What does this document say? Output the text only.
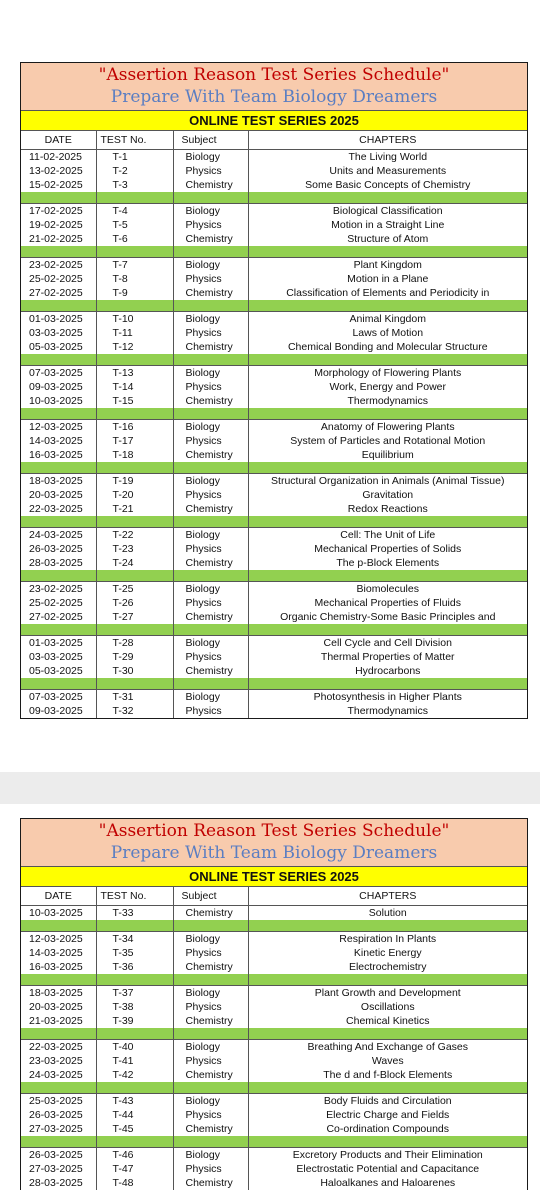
"Assertion Reason Test Series Schedule"
Prepare With Team Biology Dreamers
ONLINE TEST SERIES 2025
DATE	TEST No.	Subject	CHAPTERS
11-02-2025	T-1	Biology	The Living World
13-02-2025	T-2	Physics	Units and Measurements
15-02-2025	T-3	Chemistry	Some Basic Concepts of Chemistry

17-02-2025	T-4	Biology	Biological Classification
19-02-2025	T-5	Physics	Motion in a Straight Line
21-02-2025	T-6	Chemistry	Structure of Atom

23-02-2025	T-7	Biology	Plant Kingdom
25-02-2025	T-8	Physics	Motion in a Plane
27-02-2025	T-9	Chemistry	Classification of Elements and Periodicity in

01-03-2025	T-10	Biology	Animal Kingdom
03-03-2025	T-11	Physics	Laws of Motion
05-03-2025	T-12	Chemistry	Chemical Bonding and Molecular Structure

07-03-2025	T-13	Biology	Morphology of Flowering Plants
09-03-2025	T-14	Physics	Work, Energy and Power
10-03-2025	T-15	Chemistry	Thermodynamics

12-03-2025	T-16	Biology	Anatomy of Flowering Plants
14-03-2025	T-17	Physics	System of Particles and Rotational Motion
16-03-2025	T-18	Chemistry	Equilibrium

18-03-2025	T-19	Biology	Structural Organization in Animals (Animal Tissue)
20-03-2025	T-20	Physics	Gravitation
22-03-2025	T-21	Chemistry	Redox Reactions

24-03-2025	T-22	Biology	Cell: The Unit of Life
26-03-2025	T-23	Physics	Mechanical Properties of Solids
28-03-2025	T-24	Chemistry	The p-Block Elements

23-02-2025	T-25	Biology	Biomolecules
25-02-2025	T-26	Physics	Mechanical Properties of Fluids
27-02-2025	T-27	Chemistry	Organic Chemistry-Some Basic Principles and

01-03-2025	T-28	Biology	Cell Cycle and Cell Division
03-03-2025	T-29	Physics	Thermal Properties of Matter
05-03-2025	T-30	Chemistry	Hydrocarbons

07-03-2025	T-31	Biology	Photosynthesis in Higher Plants
09-03-2025	T-32	Physics	Thermodynamics
"Assertion Reason Test Series Schedule"
Prepare With Team Biology Dreamers
ONLINE TEST SERIES 2025
DATE	TEST No.	Subject	CHAPTERS
10-03-2025	T-33	Chemistry	Solution

12-03-2025	T-34	Biology	Respiration In Plants
14-03-2025	T-35	Physics	Kinetic Energy
16-03-2025	T-36	Chemistry	Electrochemistry

18-03-2025	T-37	Biology	Plant Growth and Development
20-03-2025	T-38	Physics	Oscillations
21-03-2025	T-39	Chemistry	Chemical Kinetics

22-03-2025	T-40	Biology	Breathing And Exchange of Gases
23-03-2025	T-41	Physics	Waves
24-03-2025	T-42	Chemistry	The d and f-Block Elements

25-03-2025	T-43	Biology	Body Fluids and Circulation
26-03-2025	T-44	Physics	Electric Charge and Fields
27-03-2025	T-45	Chemistry	Co-ordination Compounds

26-03-2025	T-46	Biology	Excretory Products and Their Elimination
27-03-2025	T-47	Physics	Electrostatic Potential and Capacitance
28-03-2025	T-48	Chemistry	Haloalkanes and Haloarenes
